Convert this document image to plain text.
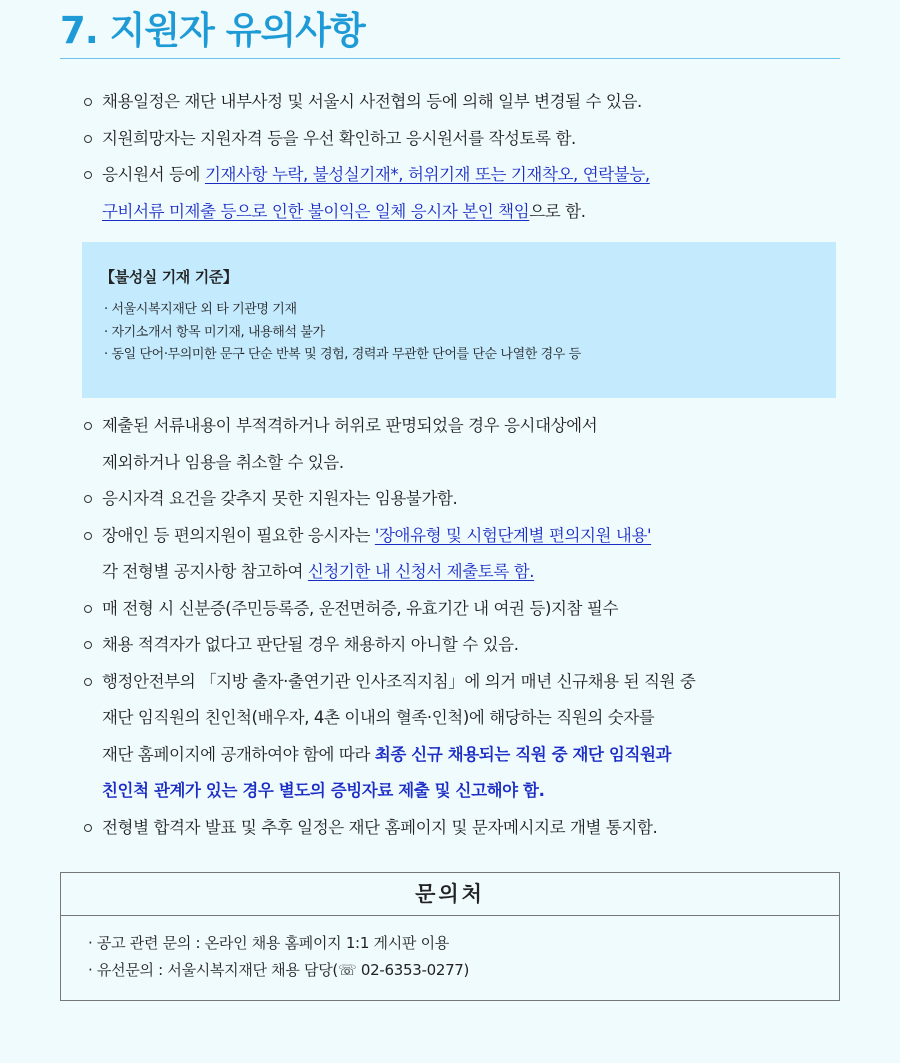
7. 지원자 유의사항
채용일정은 재단 내부사정 및 서울시 사전협의 등에 의해 일부 변경될 수 있음.
지원희망자는 지원자격 등을 우선 확인하고 응시원서를 작성토록 함.
응시원서 등에 기재사항 누락, 불성실기재*, 허위기재 또는 기재착오, 연락불능,
구비서류 미제출 등으로 인한 불이익은 일체 응시자 본인 책임으로 함.
【불성실 기재 기준】
· 서울시복지재단 외 타 기관명 기재
· 자기소개서 항목 미기재, 내용해석 불가
· 동일 단어·무의미한 문구 단순 반복 및 경험, 경력과 무관한 단어를 단순 나열한 경우 등
제출된 서류내용이 부적격하거나 허위로 판명되었을 경우 응시대상에서
제외하거나 임용을 취소할 수 있음.
응시자격 요건을 갖추지 못한 지원자는 임용불가함.
장애인 등 편의지원이 필요한 응시자는 '장애유형 및 시험단계별 편의지원 내용'
각 전형별 공지사항 참고하여 신청기한 내 신청서 제출토록 함.
매 전형 시 신분증(주민등록증, 운전면허증, 유효기간 내 여권 등)지참 필수
채용 적격자가 없다고 판단될 경우 채용하지 아니할 수 있음.
행정안전부의 「지방 출자·출연기관 인사조직지침」에 의거 매년 신규채용 된 직원 중
재단 임직원의 친인척(배우자, 4촌 이내의 혈족·인척)에 해당하는 직원의 숫자를
재단 홈페이지에 공개하여야 함에 따라 최종 신규 채용되는 직원 중 재단 임직원과
친인척 관계가 있는 경우 별도의 증빙자료 제출 및 신고해야 함.
전형별 합격자 발표 및 추후 일정은 재단 홈페이지 및 문자메시지로 개별 통지함.
문의처
· 공고 관련 문의 : 온라인 채용 홈페이지 1:1 게시판 이용
· 유선문의 : 서울시복지재단 채용 담당(☏ 02-6353-0277)
